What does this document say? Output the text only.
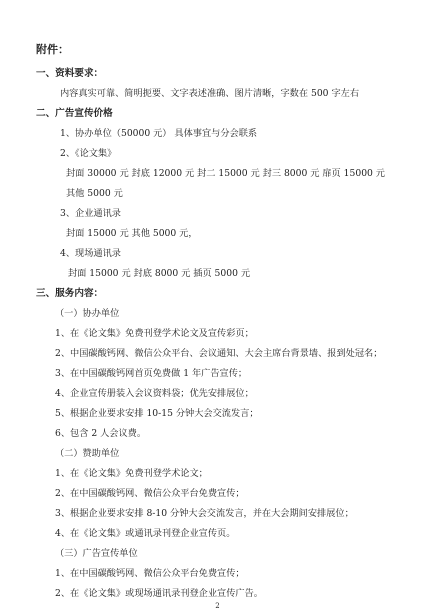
附件：
一、资料要求：
内容真实可靠、简明扼要、文字表述准确、图片清晰，字数在 500 字左右
二、广告宣传价格
1、协办单位（50000 元） 具体事宜与分会联系
2、《论文集》
封面 30000 元 封底 12000 元 封二 15000 元 封三 8000 元 扉页 15000 元
其他 5000 元
3、企业通讯录
封面 15000 元 其他 5000 元，
4、现场通讯录
封面 15000 元 封底 8000 元 插页 5000 元
三、服务内容：
（一）协办单位
1、在《论文集》免费刊登学术论文及宣传彩页；
2、中国碳酸钙网、微信公众平台、会议通知、大会主席台背景墙、报到处冠名；
3、在中国碳酸钙网首页免费做 1 年广告宣传；
4、企业宣传册装入会议资料袋；优先安排展位；
5、根据企业要求安排 10-15 分钟大会交流发言；
6、包含 2 人会议费。
（二）赞助单位
1、在《论文集》免费刊登学术论文；
2、在中国碳酸钙网、微信公众平台免费宣传；
3、根据企业要求安排 8-10 分钟大会交流发言，并在大会期间安排展位；
4、在《论文集》或通讯录刊登企业宣传页。
（三）广告宣传单位
1、在中国碳酸钙网、微信公众平台免费宣传；
2、在《论文集》或现场通讯录刊登企业宣传广告。
2
